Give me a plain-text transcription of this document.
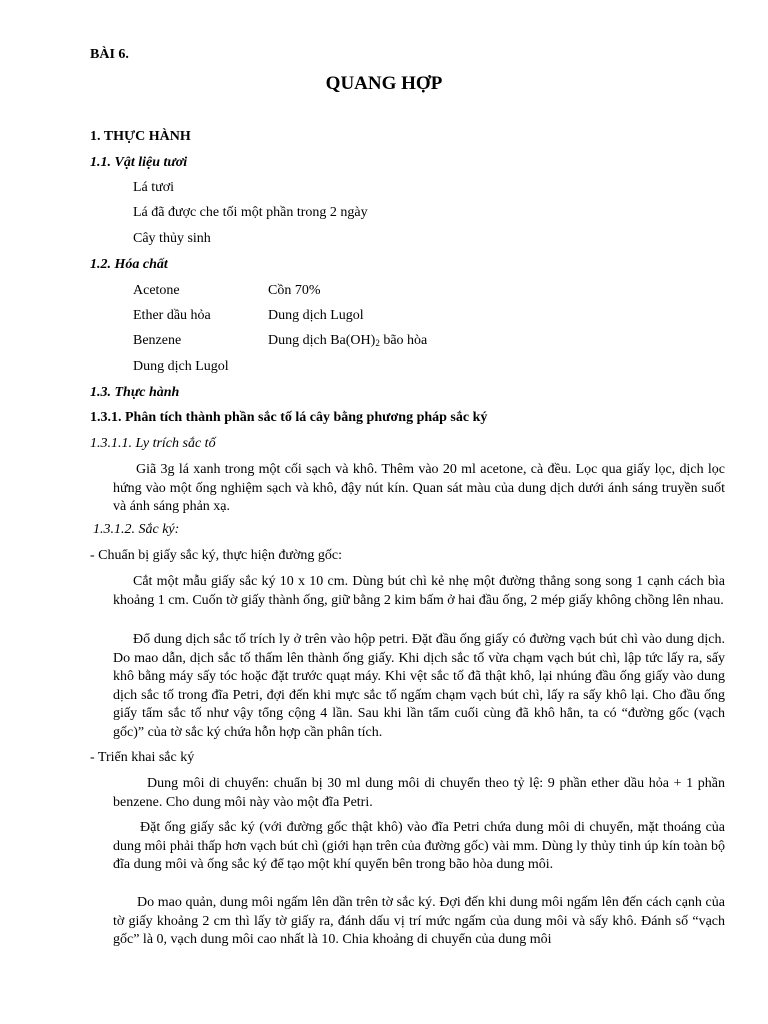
BÀI 6.
QUANG HỢP
1. THỰC HÀNH
1.1. Vật liệu tươi
Lá tươi
Lá đã được che tối một phần trong 2 ngày
Cây thủy sinh
1.2. Hóa chất
Acetone	Cồn 70%
Ether dầu hỏa	Dung dịch Lugol
Benzene	Dung dịch $Ba(OH)_2$ bão hòa
Dung dịch Lugol
1.3. Thực hành
1.3.1. Phân tích thành phần sắc tố lá cây bằng phương pháp sắc ký
1.3.1.1. Ly trích sắc tố

Giã 3g lá xanh trong một cối sạch và khô. Thêm vào 20 ml acetone, cà đều. Lọc qua giấy lọc, dịch lọc hứng vào một ống nghiệm sạch và khô, đậy nút kín. Quan sát màu của dung dịch dưới ánh sáng truyền suốt và ánh sáng phản xạ.

1.3.1.2. Sắc ký:
- Chuẩn bị giấy sắc ký, thực hiện đường gốc:

Cắt một mẫu giấy sắc ký 10 x 10 cm. Dùng bút chì kẻ nhẹ một đường thẳng song song 1 cạnh cách bìa khoảng 1 cm. Cuốn tờ giấy thành ống, giữ bằng 2 kim bấm ở hai đầu ống, 2 mép giấy không chồng lên nhau.

Đổ dung dịch sắc tố trích ly ở trên vào hộp petri. Đặt đầu ống giấy có đường vạch bút chì vào dung dịch. Do mao dẫn, dịch sắc tố thấm lên thành ống giấy. Khi dịch sắc tố vừa chạm vạch bút chì, lập tức lấy ra, sấy khô bằng máy sấy tóc hoặc đặt trước quạt máy. Khi vệt sắc tố đã thật khô, lại nhúng đầu ống giấy vào dung dịch sắc tố trong đĩa Petri, đợi đến khi mực sắc tố ngấm chạm vạch bút chì, lấy ra sấy khô lại. Cho đầu ống giấy tẩm sắc tố như vậy tổng cộng 4 lần. Sau khi lần tẩm cuối cùng đã khô hẳn, ta có “đường gốc (vạch gốc)” của tờ sắc ký chứa hỗn hợp cần phân tích.

- Triển khai sắc ký

Dung môi di chuyển: chuẩn bị 30 ml dung môi di chuyển theo tỷ lệ: 9 phần ether dầu hỏa + 1 phần benzene. Cho dung môi này vào một đĩa Petri.

Đặt ống giấy sắc ký (với đường gốc thật khô) vào đĩa Petri chứa dung môi di chuyển, mặt thoáng của dung môi phải thấp hơn vạch bút chì (giới hạn trên của đường gốc) vài mm. Dùng ly thủy tinh úp kín toàn bộ đĩa dung môi và ống sắc ký để tạo một khí quyển bên trong bão hòa dung môi.

Do mao quản, dung môi ngấm lên dần trên tờ sắc ký. Đợi đến khi dung môi ngấm lên đến cách cạnh của tờ giấy khoảng 2 cm thì lấy tờ giấy ra, đánh dấu vị trí mức ngấm của dung môi và sấy khô. Đánh số “vạch gốc” là 0, vạch dung môi cao nhất là 10. Chia khoảng di chuyển của dung môi
